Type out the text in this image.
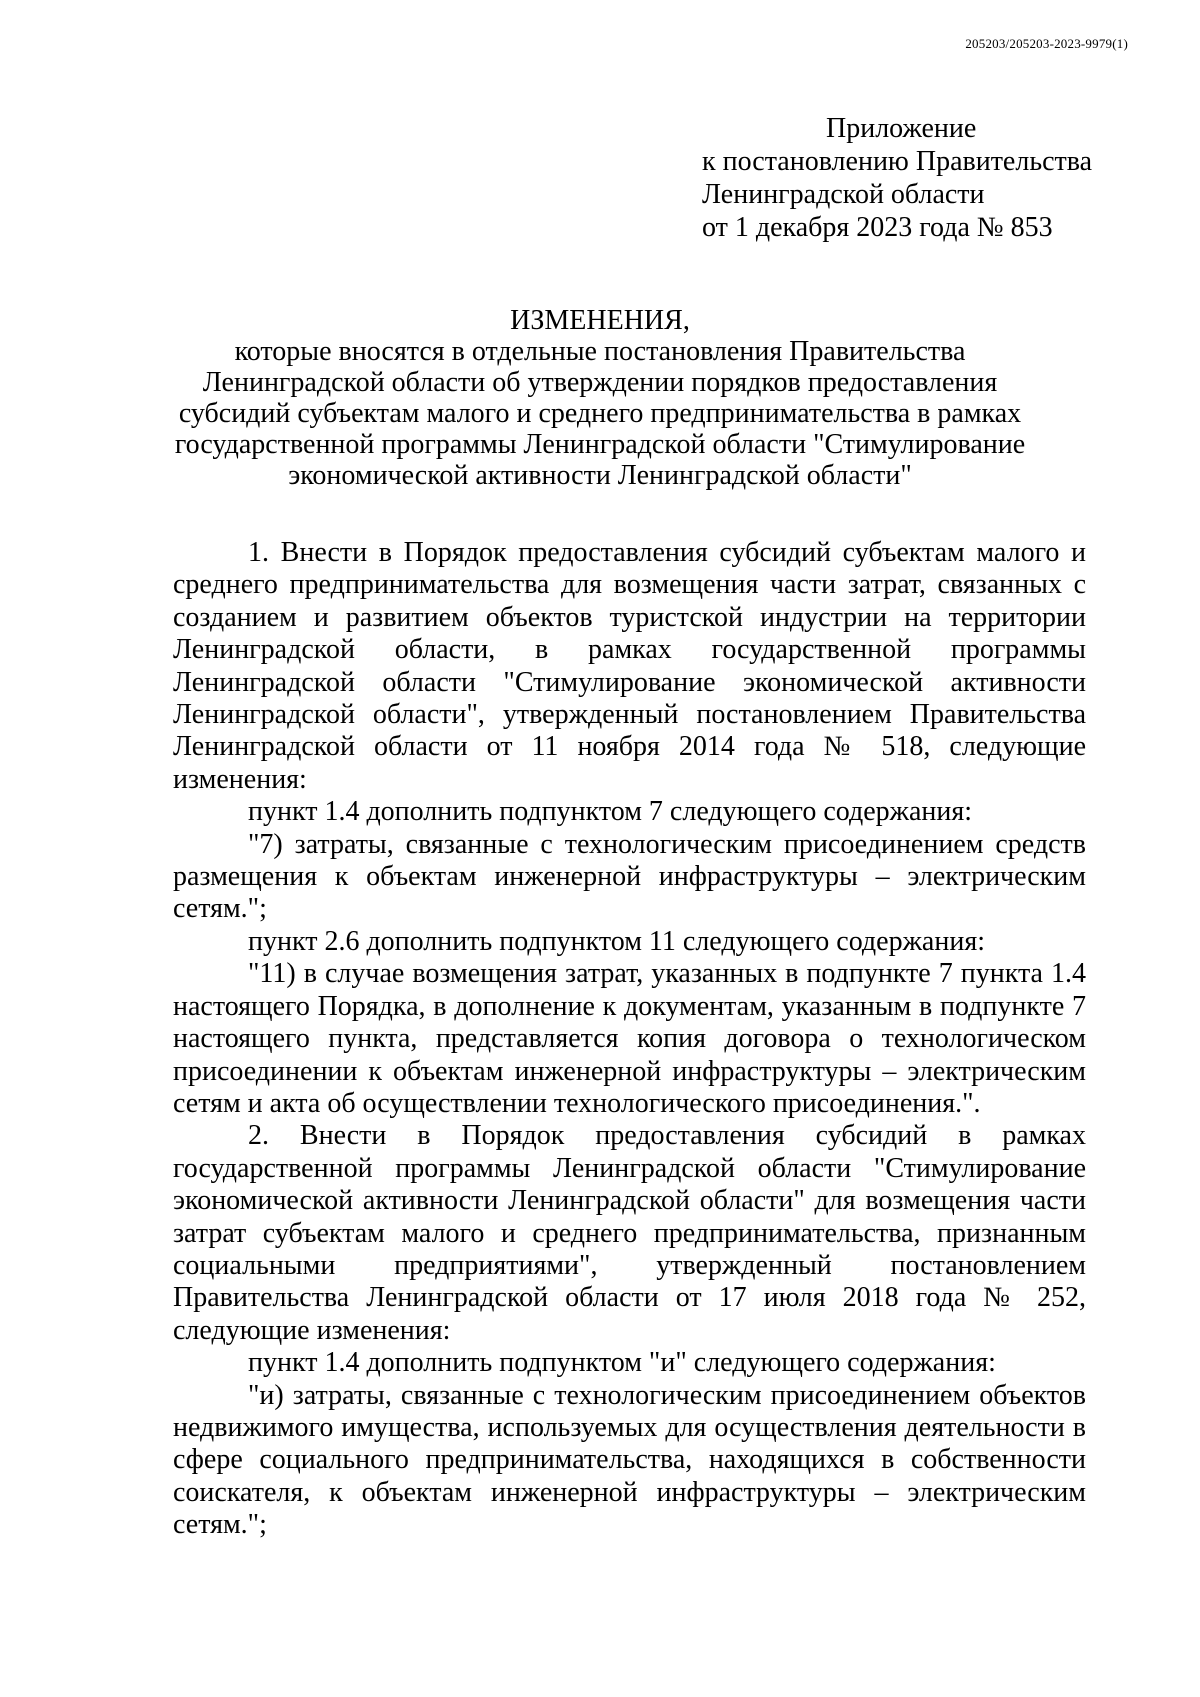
205203/205203-2023-9979(1)
Приложение
к постановлению Правительства
Ленинградской области
от 1 декабря 2023 года № 853
ИЗМЕНЕНИЯ,
которые вносятся в отдельные постановления Правительства
Ленинградской области об утверждении порядков предоставления
субсидий субъектам малого и среднего предпринимательства в рамках
государственной программы Ленинградской области "Стимулирование
экономической активности Ленинградской области"

1. Внести в Порядок предоставления субсидий субъектам малого и среднего предпринимательства для возмещения части затрат, связанных с созданием и развитием объектов туристской индустрии на территории Ленинградской области, в рамках государственной программы Ленинградской области "Стимулирование экономической активности Ленинградской области", утвержденный постановлением Правительства Ленинградской области от 11 ноября 2014 года № 518, следующие изменения:

пункт 1.4 дополнить подпунктом 7 следующего содержания:

"7) затраты, связанные с технологическим присоединением средств размещения к объектам инженерной инфраструктуры – электрическим сетям.";

пункт 2.6 дополнить подпунктом 11 следующего содержания:

"11) в случае возмещения затрат, указанных в подпункте 7 пункта 1.4 настоящего Порядка, в дополнение к документам, указанным в подпункте 7 настоящего пункта, представляется копия договора о технологическом присоединении к объектам инженерной инфраструктуры – электрическим сетям и акта об осуществлении технологического присоединения.".

2. Внести в Порядок предоставления субсидий в рамках государственной программы Ленинградской области "Стимулирование экономической активности Ленинградской области" для возмещения части затрат субъектам малого и среднего предпринимательства, признанным социальными предприятиями", утвержденный постановлением Правительства Ленинградской области от 17 июля 2018 года № 252, следующие изменения:

пункт 1.4 дополнить подпунктом "и" следующего содержания:

"и) затраты, связанные с технологическим присоединением объектов недвижимого имущества, используемых для осуществления деятельности в сфере социального предпринимательства, находящихся в собственности соискателя, к объектам инженерной инфраструктуры – электрическим сетям.";
